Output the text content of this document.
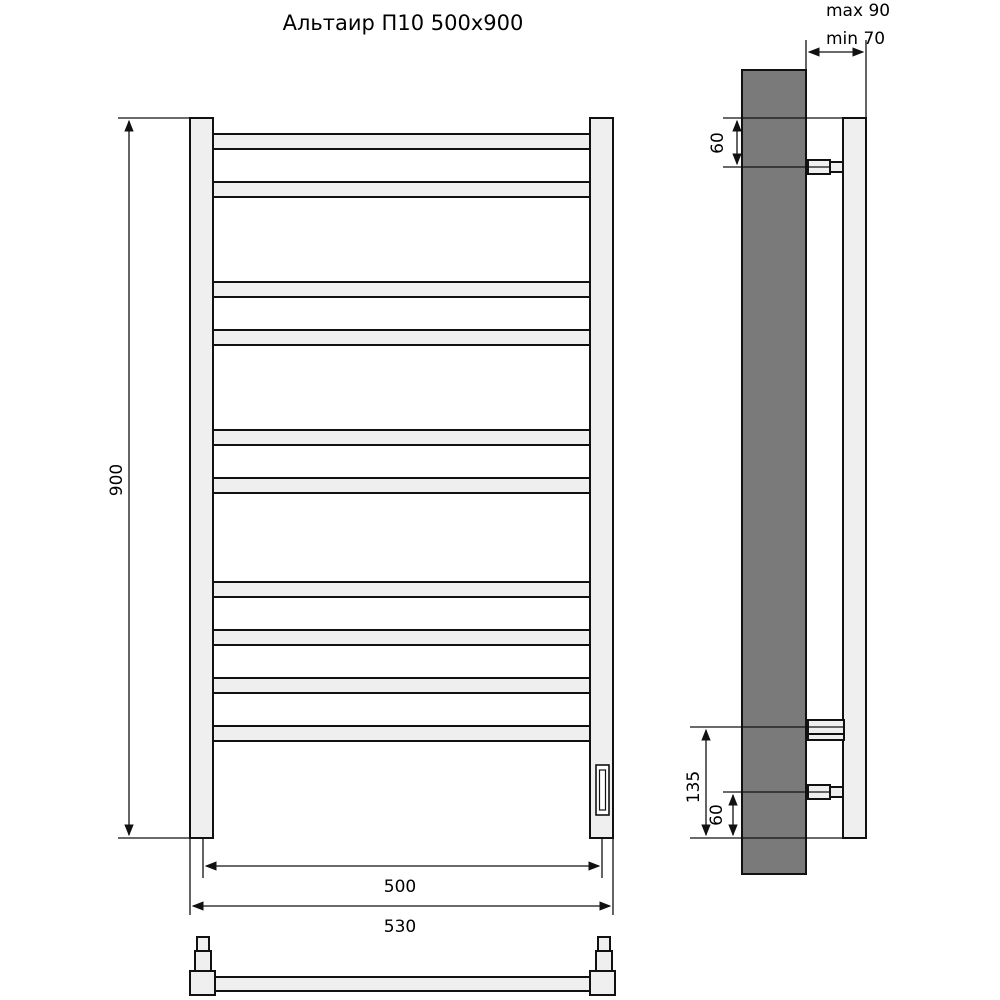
Альтаир П10 500х900
900
500
530
max 90
min 70
60
135
60
